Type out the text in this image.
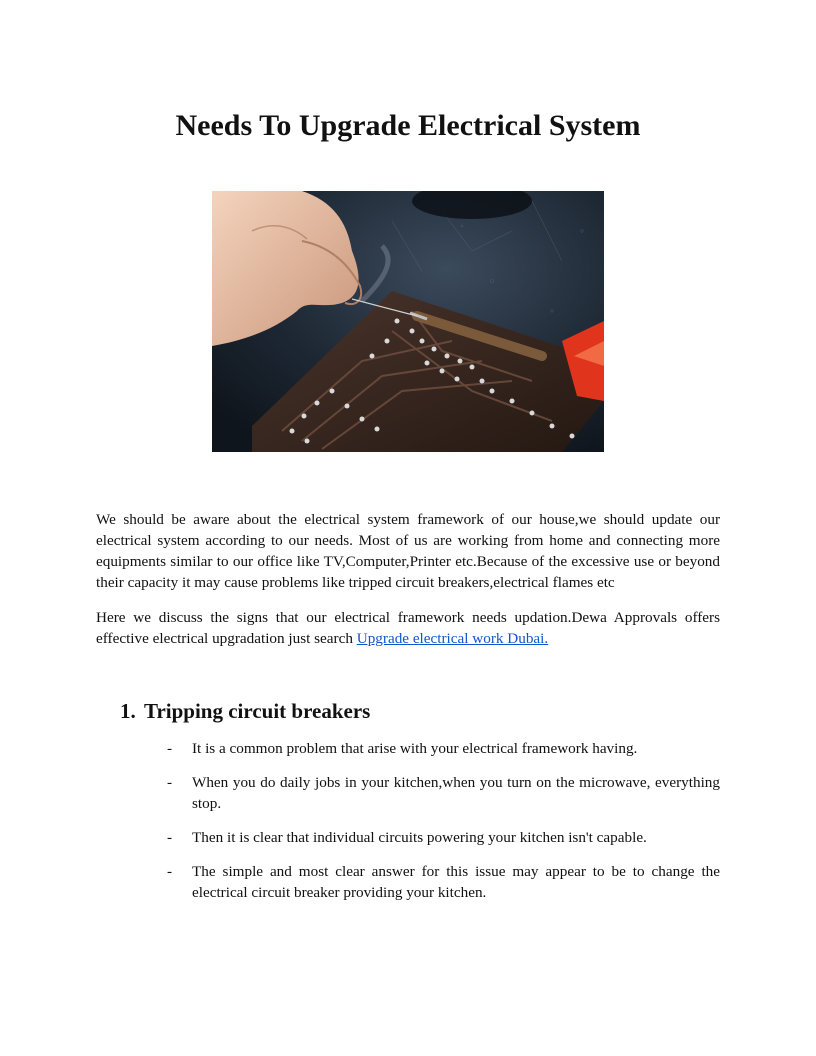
Needs To Upgrade Electrical System

We should be aware about the electrical system framework of our house,we should update our electrical system according to our needs. Most of us are working from home and connecting more equipments similar to our office like TV,Computer,Printer etc.Because of the excessive use or beyond their capacity it may cause problems like tripped circuit breakers,electrical flames etc

Here we discuss the signs that our electrical framework needs updation.Dewa Approvals offers effective electrical upgradation just search Upgrade electrical work Dubai.

1. Tripping circuit breakers
- It is a common problem that arise with your electrical framework having.
- When you do daily jobs in your kitchen,when you turn on the microwave, everything stop.
- Then it is clear that individual circuits powering your kitchen isn't capable.
- The simple and most clear answer for this issue may appear to be to change the electrical circuit breaker providing your kitchen.
